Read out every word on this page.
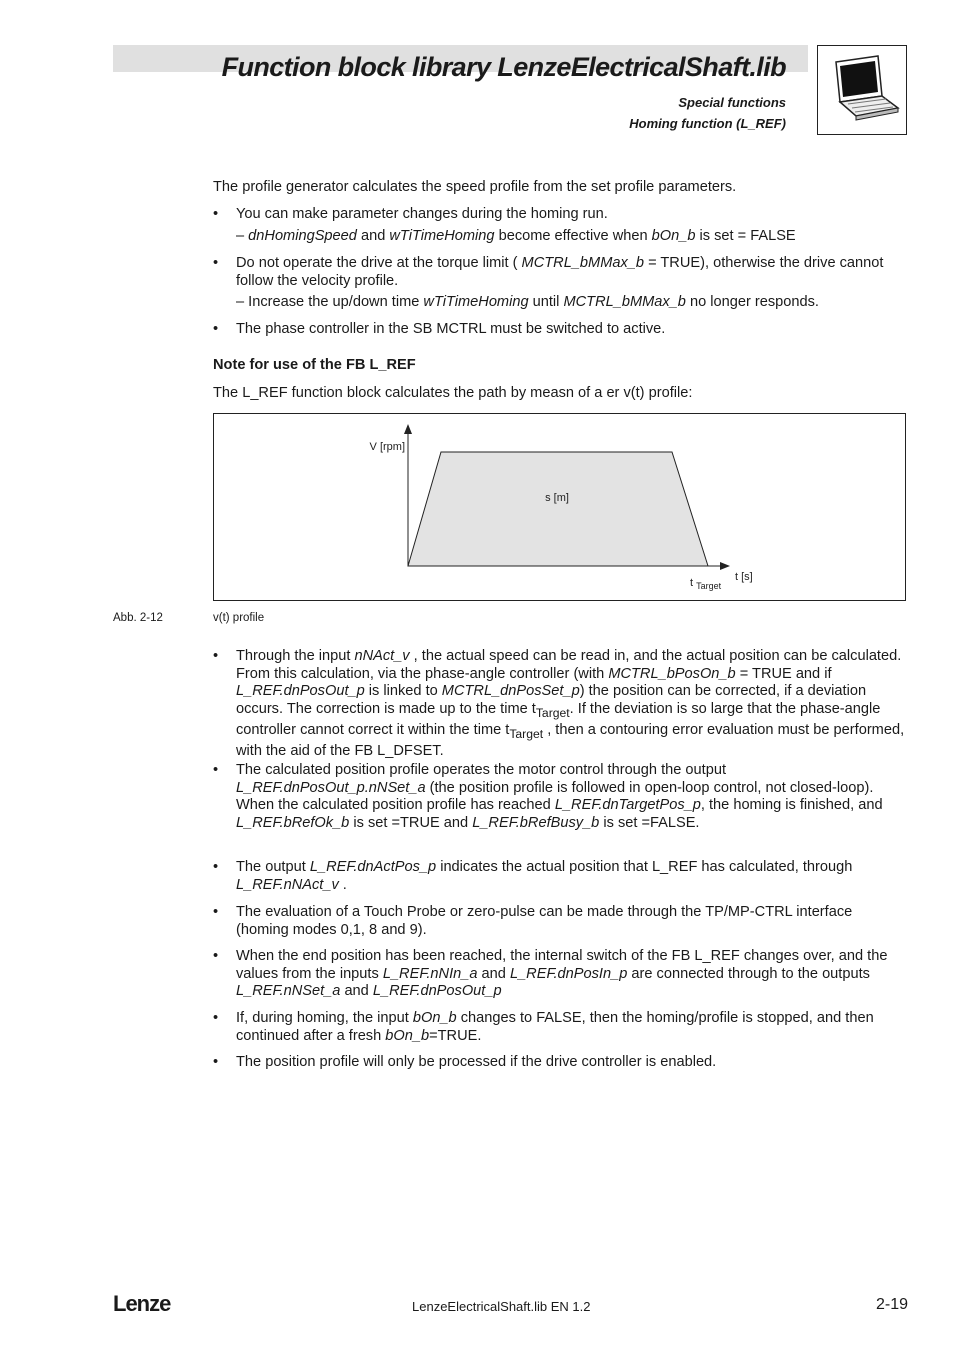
Function block library LenzeElectricalShaft.lib
Special functions
Homing function (L_REF)

The profile generator calculates the speed profile from the set profile parameters.

• You can make parameter changes during the homing run.

– dnHomingSpeed and wTiTimeHoming become effective when bOn_b is set = FALSE

• Do not operate the drive at the torque limit ( MCTRL_bMMax_b = TRUE), otherwise the drive cannot follow the velocity profile.

– Increase the up/down time wTiTimeHoming until MCTRL_bMMax_b no longer responds.

• The phase controller in the SB MCTRL must be switched to active.

Note for use of the FB L_REF

The L_REF function block calculates the path by measn of a er v(t) profile:

V [rpm]
s [m]
t [s]
t $_{Target}$
Abb. 2-12	v(t) profile
• Through the input nNAct_v , the actual speed can be read in, and the actual position can be calculated. From this calculation, via the phase-angle controller (with MCTRL_bPosOn_b = TRUE and if L_REF.dnPosOut_p is linked to MCTRL_dnPosSet_p) the position can be corrected, if a deviation occurs. The correction is made up to the time $t_{Target}$. If the deviation is so large that the phase-angle controller cannot correct it within the time $t_{Target}$ , then a contouring error evaluation must be performed, with the aid of the FB L_DFSET.

• The calculated position profile operates the motor control through the output L_REF.dnPosOut_p.nNSet_a (the position profile is followed in open-loop control, not closed-loop).

When the calculated position profile has reached L_REF.dnTargetPos_p, the homing is finished, and L_REF.bRefOk_b is set =TRUE and L_REF.bRefBusy_b is set =FALSE.

• The output L_REF.dnActPos_p indicates the actual position that L_REF has calculated, through L_REF.nNAct_v .

• The evaluation of a Touch Probe or zero-pulse can be made through the TP/MP-CTRL interface (homing modes 0,1, 8 and 9).

• When the end position has been reached, the internal switch of the FB L_REF changes over, and the values from the inputs L_REF.nNIn_a and L_REF.dnPosIn_p are connected through to the outputs L_REF.nNSet_a and L_REF.dnPosOut_p

• If, during homing, the input bOn_b changes to FALSE, then the homing/profile is stopped, and then continued after a fresh bOn_b=TRUE.

• The position profile will only be processed if the drive controller is enabled.

Lenze	LenzeElectricalShaft.lib EN 1.2	2-19
